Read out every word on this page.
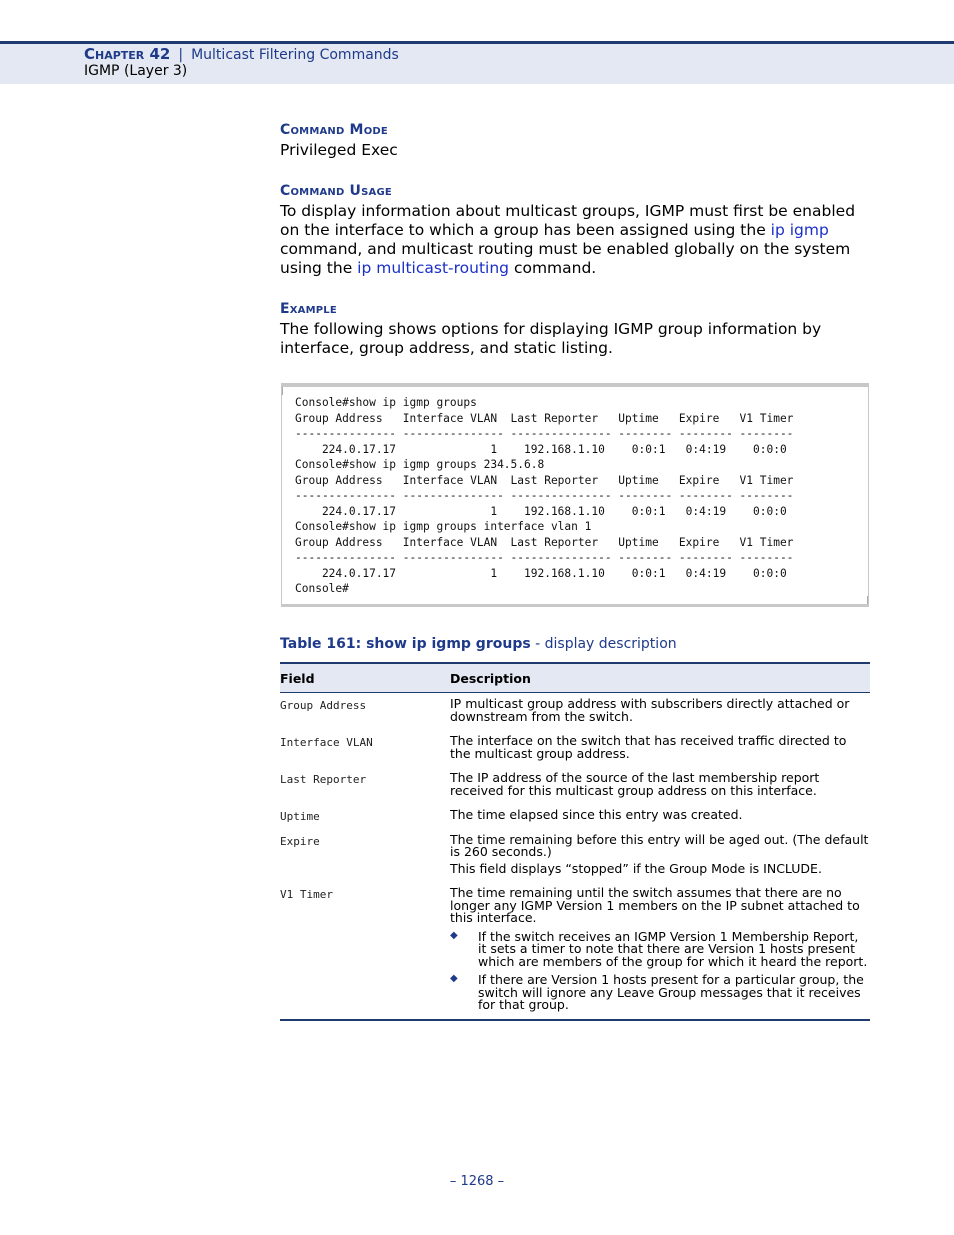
Chapter 42 | Multicast Filtering Commands
IGMP (Layer 3)
Command Mode
Privileged Exec
Command Usage
To display information about multicast groups, IGMP must first be enabled on the interface to which a group has been assigned using the ip igmp command, and multicast routing must be enabled globally on the system using the ip multicast-routing command.
Example
The following shows options for displaying IGMP group information by interface, group address, and static listing.
Console#show ip igmp groups
Group Address   Interface VLAN  Last Reporter   Uptime   Expire   V1 Timer
--------------- --------------- --------------- -------- -------- --------
224.0.17.17              1    192.168.1.10    0:0:1   0:4:19    0:0:0
Console#show ip igmp groups 234.5.6.8
Group Address   Interface VLAN  Last Reporter   Uptime   Expire   V1 Timer
--------------- --------------- --------------- -------- -------- --------
224.0.17.17              1    192.168.1.10    0:0:1   0:4:19    0:0:0
Console#show ip igmp groups interface vlan 1
Group Address   Interface VLAN  Last Reporter   Uptime   Expire   V1 Timer
--------------- --------------- --------------- -------- -------- --------
224.0.17.17              1    192.168.1.10    0:0:1   0:4:19    0:0:0
Console#
Table 161: show ip igmp groups - display description
Field	Description
Group Address	IP multicast group address with subscribers directly attached or downstream from the switch.

Interface VLAN	The interface on the switch that has received traffic directed to the multicast group address.

Last Reporter	The IP address of the source of the last membership report received for this multicast group address on this interface.

Uptime	The time elapsed since this entry was created.

Expire	The time remaining before this entry will be aged out. (The default is 260 seconds.)

This field displays “stopped” if the Group Mode is INCLUDE.

V1 Timer	The time remaining until the switch assumes that there are no longer any IGMP Version 1 members on the IP subnet attached to this interface.

◆ If the switch receives an IGMP Version 1 Membership Report, it sets a timer to note that there are Version 1 hosts present which are members of the group for which it heard the report.
◆ If there are Version 1 hosts present for a particular group, the switch will ignore any Leave Group messages that it receives for that group.
– 1268 –
